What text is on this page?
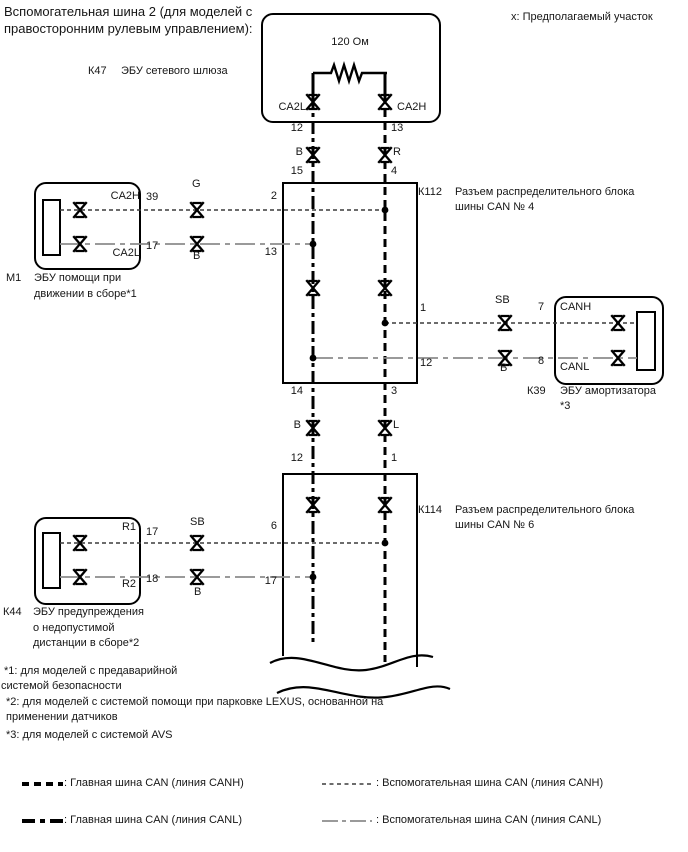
Вспомогательная шина 2 (для моделей с
правосторонним рулевым управлением):
х: Предполагаемый участок
К47 ЭБУ сетевого шлюза
120 Ом
CA2L	CA2H
12	13
B	R
15	4
К112 Разъем распределительного блока
шины CAN № 4
2
13
1
12
14	3
B	L
12	1
К114 Разъем распределительного блока
шины CAN № 6
6
17
CA2H 39
G
CA2L
17
B
М1 ЭБУ помощи при
движении в сборе*1	SB
7
B
8
CANH
CANL
К39 ЭБУ амортизатора
*3
R1 17
SB
R2 18
B
К44 ЭБУ предупреждения
о недопустимой
дистанции в сборе*2
*1: для моделей с предаварийной
системой безопасности
*2: для моделей с системой помощи при парковке LEXUS, основанной на
применении датчиков
*3: для моделей с системой AVS
: Главная шина CAN (линия CANH)
: Главная шина CAN (линия CANL)
: Вспомогательная шина CAN (линия CANH)
: Вспомогательная шина CAN (линия CANL)
